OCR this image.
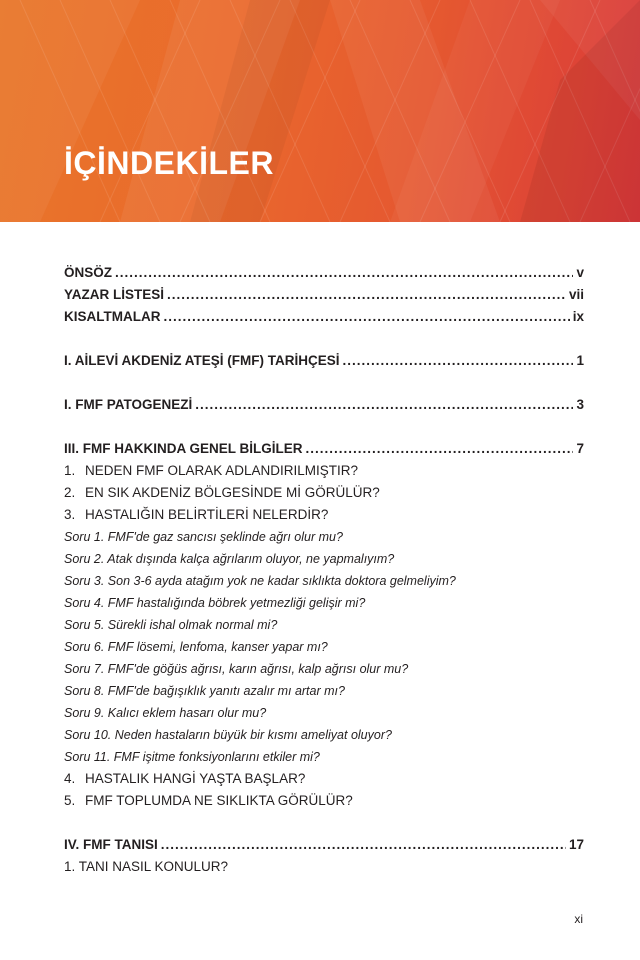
İÇİNDEKİLER
ÖNSÖZ .....	v
YAZAR LİSTESİ .....	vii
KISALTMALAR .....	ix
I. AİLEVİ AKDENİZ ATEŞİ (FMF) TARİHÇESİ .....	1
I. FMF PATOGENEZİ .....	3
III. FMF HAKKINDA GENEL BİLGİLER .....	7
1. NEDEN FMF OLARAK ADLANDIRILMIŞTIR?
2. EN SIK AKDENİZ BÖLGESİNDE Mİ GÖRÜLÜR?
3. HASTALIĞIN BELİRTİLERİ NELERDİR?
Soru 1. FMF'de gaz sancısı şeklinde ağrı olur mu?
Soru 2. Atak dışında kalça ağrılarım oluyor, ne yapmalıyım?
Soru 3. Son 3-6 ayda atağım yok ne kadar sıklıkta doktora gelmeliyim?
Soru 4. FMF hastalığında böbrek yetmezliği gelişir mi?
Soru 5. Sürekli ishal olmak normal mi?
Soru 6. FMF lösemi, lenfoma, kanser yapar mı?
Soru 7. FMF'de göğüs ağrısı, karın ağrısı, kalp ağrısı olur mu?
Soru 8. FMF'de bağışıklık yanıtı azalır mı artar mı?
Soru 9. Kalıcı eklem hasarı olur mu?
Soru 10. Neden hastaların büyük bir kısmı ameliyat oluyor?
Soru 11. FMF işitme fonksiyonlarını etkiler mi?
4. HASTALIK HANGİ YAŞTA BAŞLAR?
5. FMF TOPLUMDA NE SIKLIKTA GÖRÜLÜR?
IV. FMF TANISI .....	17
1. TANI NASIL KONULUR?
xi
